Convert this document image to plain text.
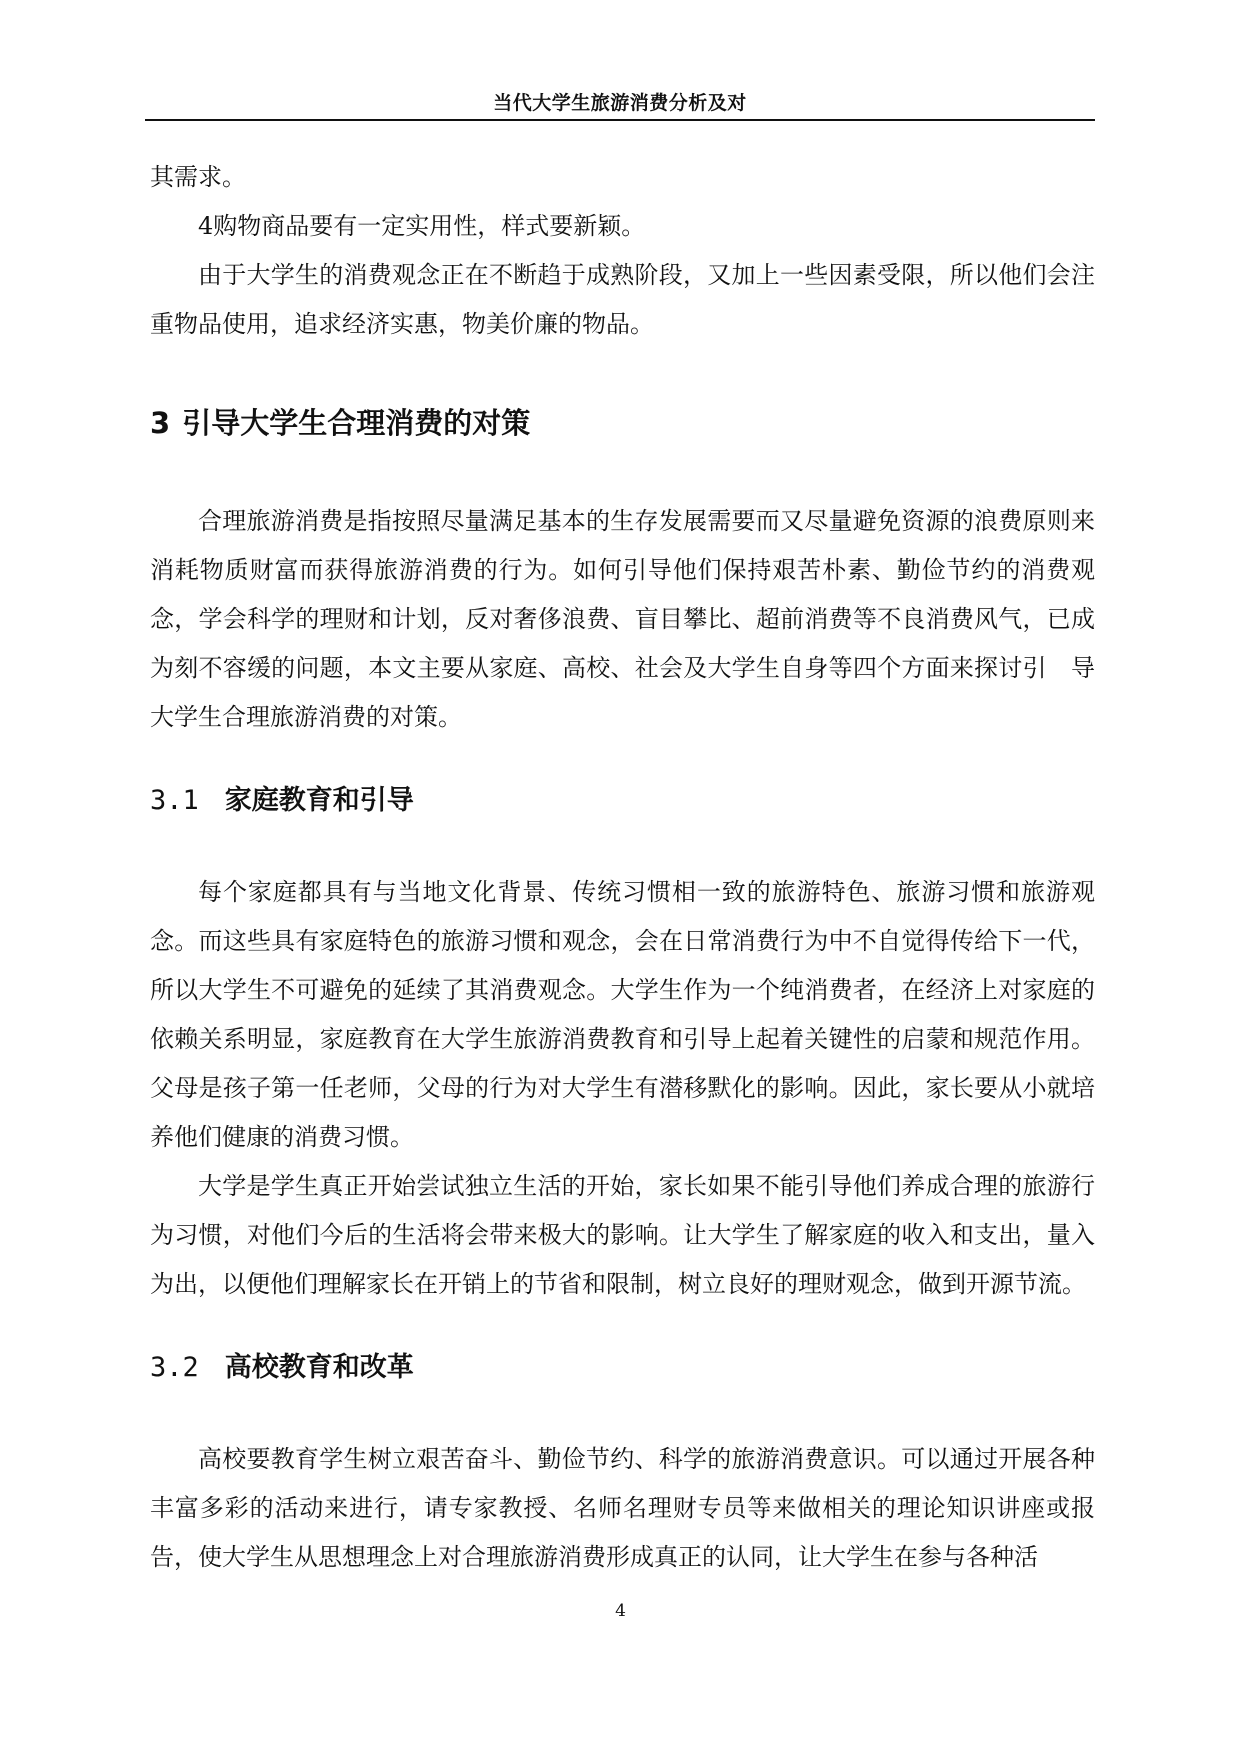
当代大学生旅游消费分析及对

其需求。

4购物商品要有一定实用性，样式要新颖。

由于大学生的消费观念正在不断趋于成熟阶段，又加上一些因素受限，所以他们会注重物品使用，追求经济实惠，物美价廉的物品。

3 引导大学生合理消费的对策

合理旅游消费是指按照尽量满足基本的生存发展需要而又尽量避免资源的浪费原则来消耗物质财富而获得旅游消费的行为。如何引导他们保持艰苦朴素、勤俭节约的消费观念，学会科学的理财和计划，反对奢侈浪费、盲目攀比、超前消费等不良消费风气，已成为刻不容缓的问题，本文主要从家庭、高校、社会及大学生自身等四个方面来探讨引　导大学生合理旅游消费的对策。

3.1 家庭教育和引导

每个家庭都具有与当地文化背景、传统习惯相一致的旅游特色、旅游习惯和旅游观念。而这些具有家庭特色的旅游习惯和观念，会在日常消费行为中不自觉得传给下一代，所以大学生不可避免的延续了其消费观念。大学生作为一个纯消费者，在经济上对家庭的依赖关系明显，家庭教育在大学生旅游消费教育和引导上起着关键性的启蒙和规范作用。父母是孩子第一任老师，父母的行为对大学生有潜移默化的影响。因此，家长要从小就培养他们健康的消费习惯。

大学是学生真正开始尝试独立生活的开始，家长如果不能引导他们养成合理的旅游行为习惯，对他们今后的生活将会带来极大的影响。让大学生了解家庭的收入和支出，量入为出，以便他们理解家长在开销上的节省和限制，树立良好的理财观念，做到开源节流。

3.2 高校教育和改革

高校要教育学生树立艰苦奋斗、勤俭节约、科学的旅游消费意识。可以通过开展各种丰富多彩的活动来进行，请专家教授、名师名理财专员等来做相关的理论知识讲座或报告，使大学生从思想理念上对合理旅游消费形成真正的认同，让大学生在参与各种活

4
